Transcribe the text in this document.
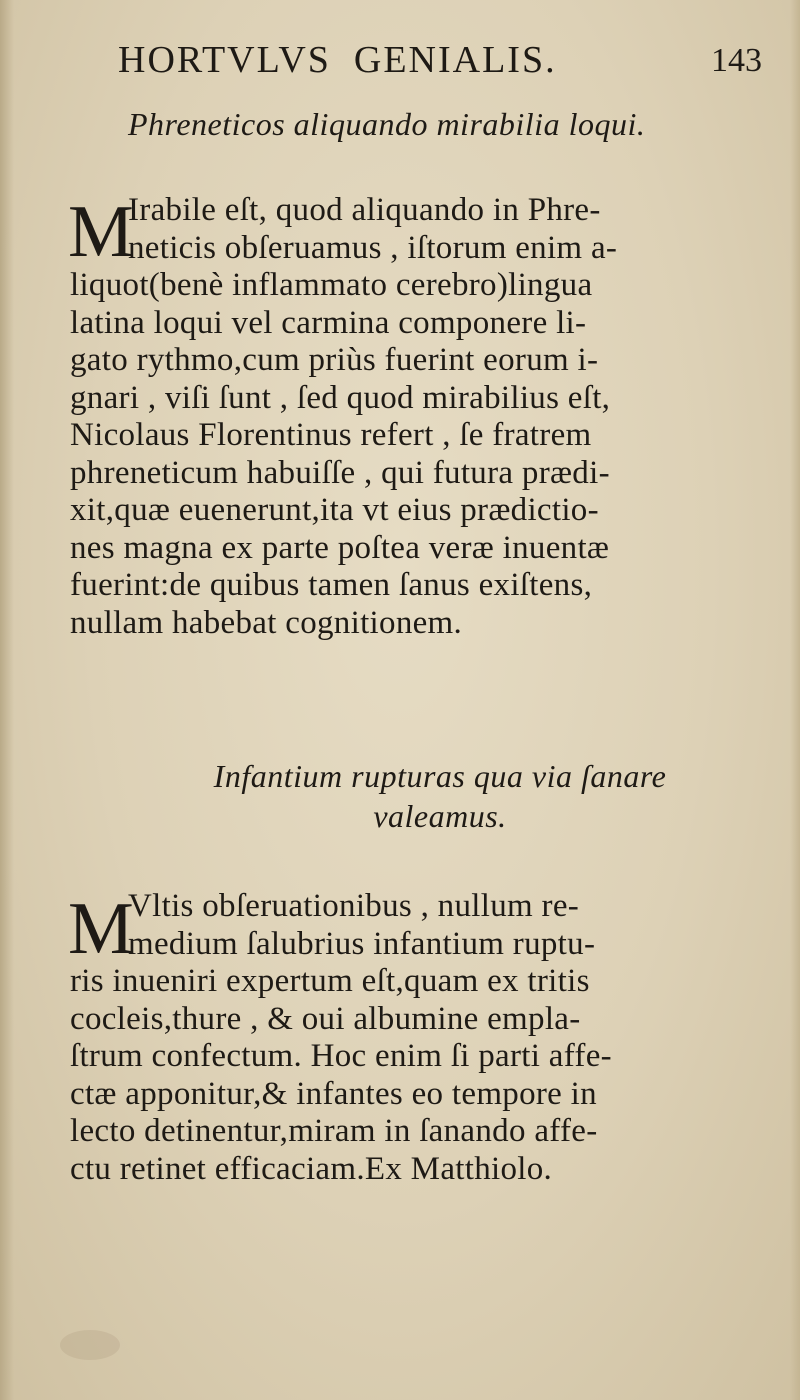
HORTVLVS  GENIALIS.	143
Phreneticos aliquando mirabilia loqui.
M
Irabile eſt, quod aliquando in Phre-
neticis obſeruamus , iſtorum enim a-
liquot(benè inflammato cerebro)lingua
latina loqui vel carmina componere li-
gato rythmo,cum priùs fuerint eorum i-
gnari , viſi ſunt , ſed quod mirabilius eſt,
Nicolaus Florentinus refert , ſe fratrem
phreneticum habuiſſe , qui futura prædi-
xit,quæ euenerunt,ita vt eius prædictio-
nes magna ex parte poſtea veræ inuentæ
fuerint:de quibus tamen ſanus exiſtens,
nullam habebat cognitionem.
Infantium rupturas qua via ſanare
valeamus.
M
Vltis obſeruationibus , nullum re-
medium ſalubrius infantium ruptu-
ris inueniri expertum eſt,quam ex tritis
cocleis,thure , & oui albumine empla-
ſtrum confectum. Hoc enim ſi parti affe-
ctæ apponitur,& infantes eo tempore in
lecto detinentur,miram in ſanando affe-
ctu retinet efficaciam.Ex Matthiolo.
